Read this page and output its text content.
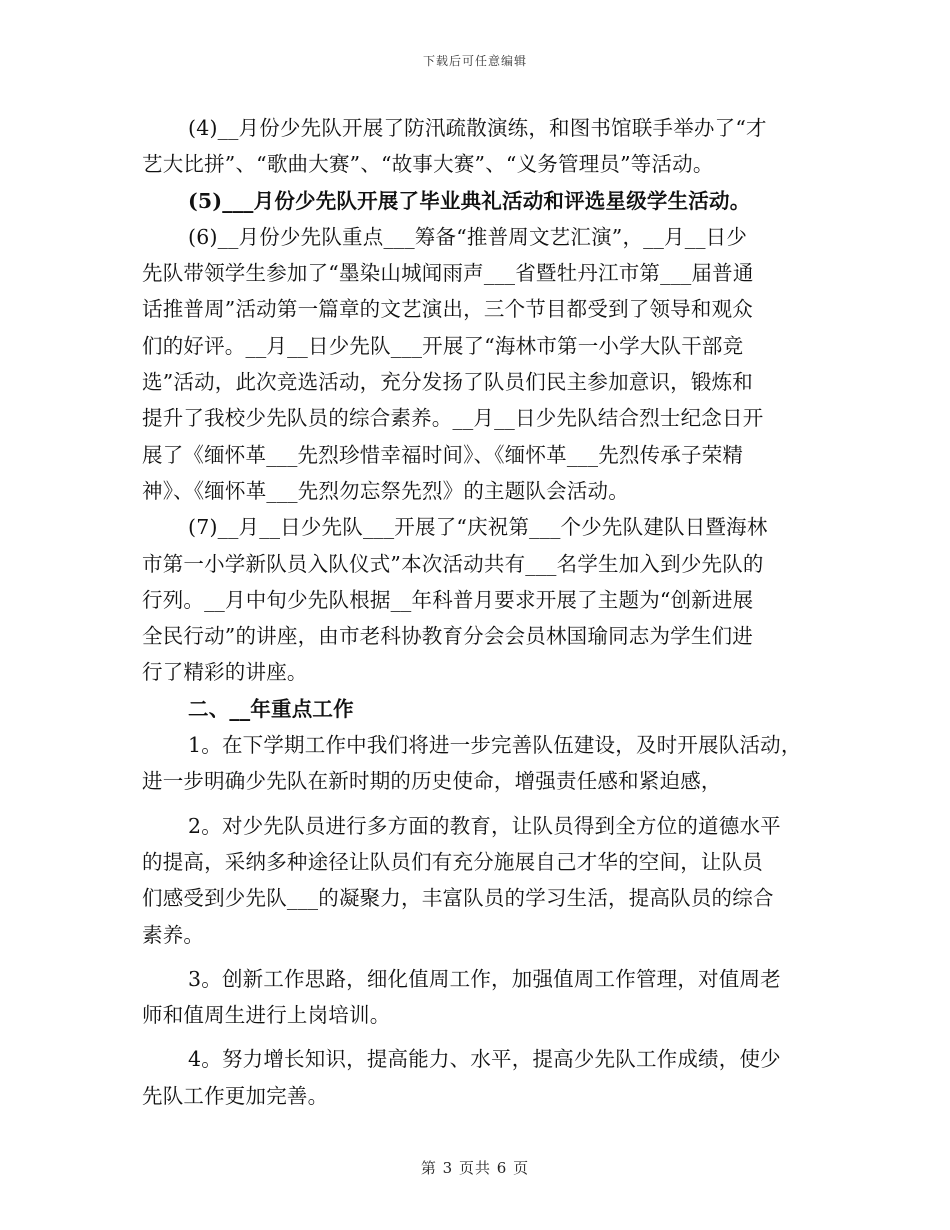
下载后可任意编辑
(4)__月份少先队开展了防汛疏散演练，和图书馆联手举办了“才
艺大比拼”、“歌曲大赛”、“故事大赛”、“义务管理员”等活动。
(5)___月份少先队开展了毕业典礼活动和评选星级学生活动。
(6)__月份少先队重点___筹备“推普周文艺汇演”，__月__日少
先队带领学生参加了“墨染山城闻雨声___省暨牡丹江市第___届普通
话推普周”活动第一篇章的文艺演出，三个节目都受到了领导和观众
们的好评。__月__日少先队___开展了“海林市第一小学大队干部竞
选”活动，此次竞选活动，充分发扬了队员们民主参加意识，锻炼和
提升了我校少先队员的综合素养。__月__日少先队结合烈士纪念日开
展了《缅怀革___先烈珍惜幸福时间》、《缅怀革___先烈传承子荣精
神》、《缅怀革___先烈勿忘祭先烈》的主题队会活动。
(7)__月__日少先队___开展了“庆祝第___个少先队建队日暨海林
市第一小学新队员入队仪式”本次活动共有___名学生加入到少先队的
行列。__月中旬少先队根据__年科普月要求开展了主题为“创新进展
全民行动”的讲座，由市老科协教育分会会员林国瑜同志为学生们进
行了精彩的讲座。
二、__年重点工作
1。在下学期工作中我们将进一步完善队伍建设，及时开展队活动，
进一步明确少先队在新时期的历史使命，增强责任感和紧迫感，
2。对少先队员进行多方面的教育，让队员得到全方位的道德水平
的提高，采纳多种途径让队员们有充分施展自己才华的空间，让队员
们感受到少先队___的凝聚力，丰富队员的学习生活，提高队员的综合
素养。
3。创新工作思路，细化值周工作，加强值周工作管理，对值周老
师和值周生进行上岗培训。
4。努力增长知识，提高能力、水平，提高少先队工作成绩，使少
先队工作更加完善。
第 3 页共 6 页
